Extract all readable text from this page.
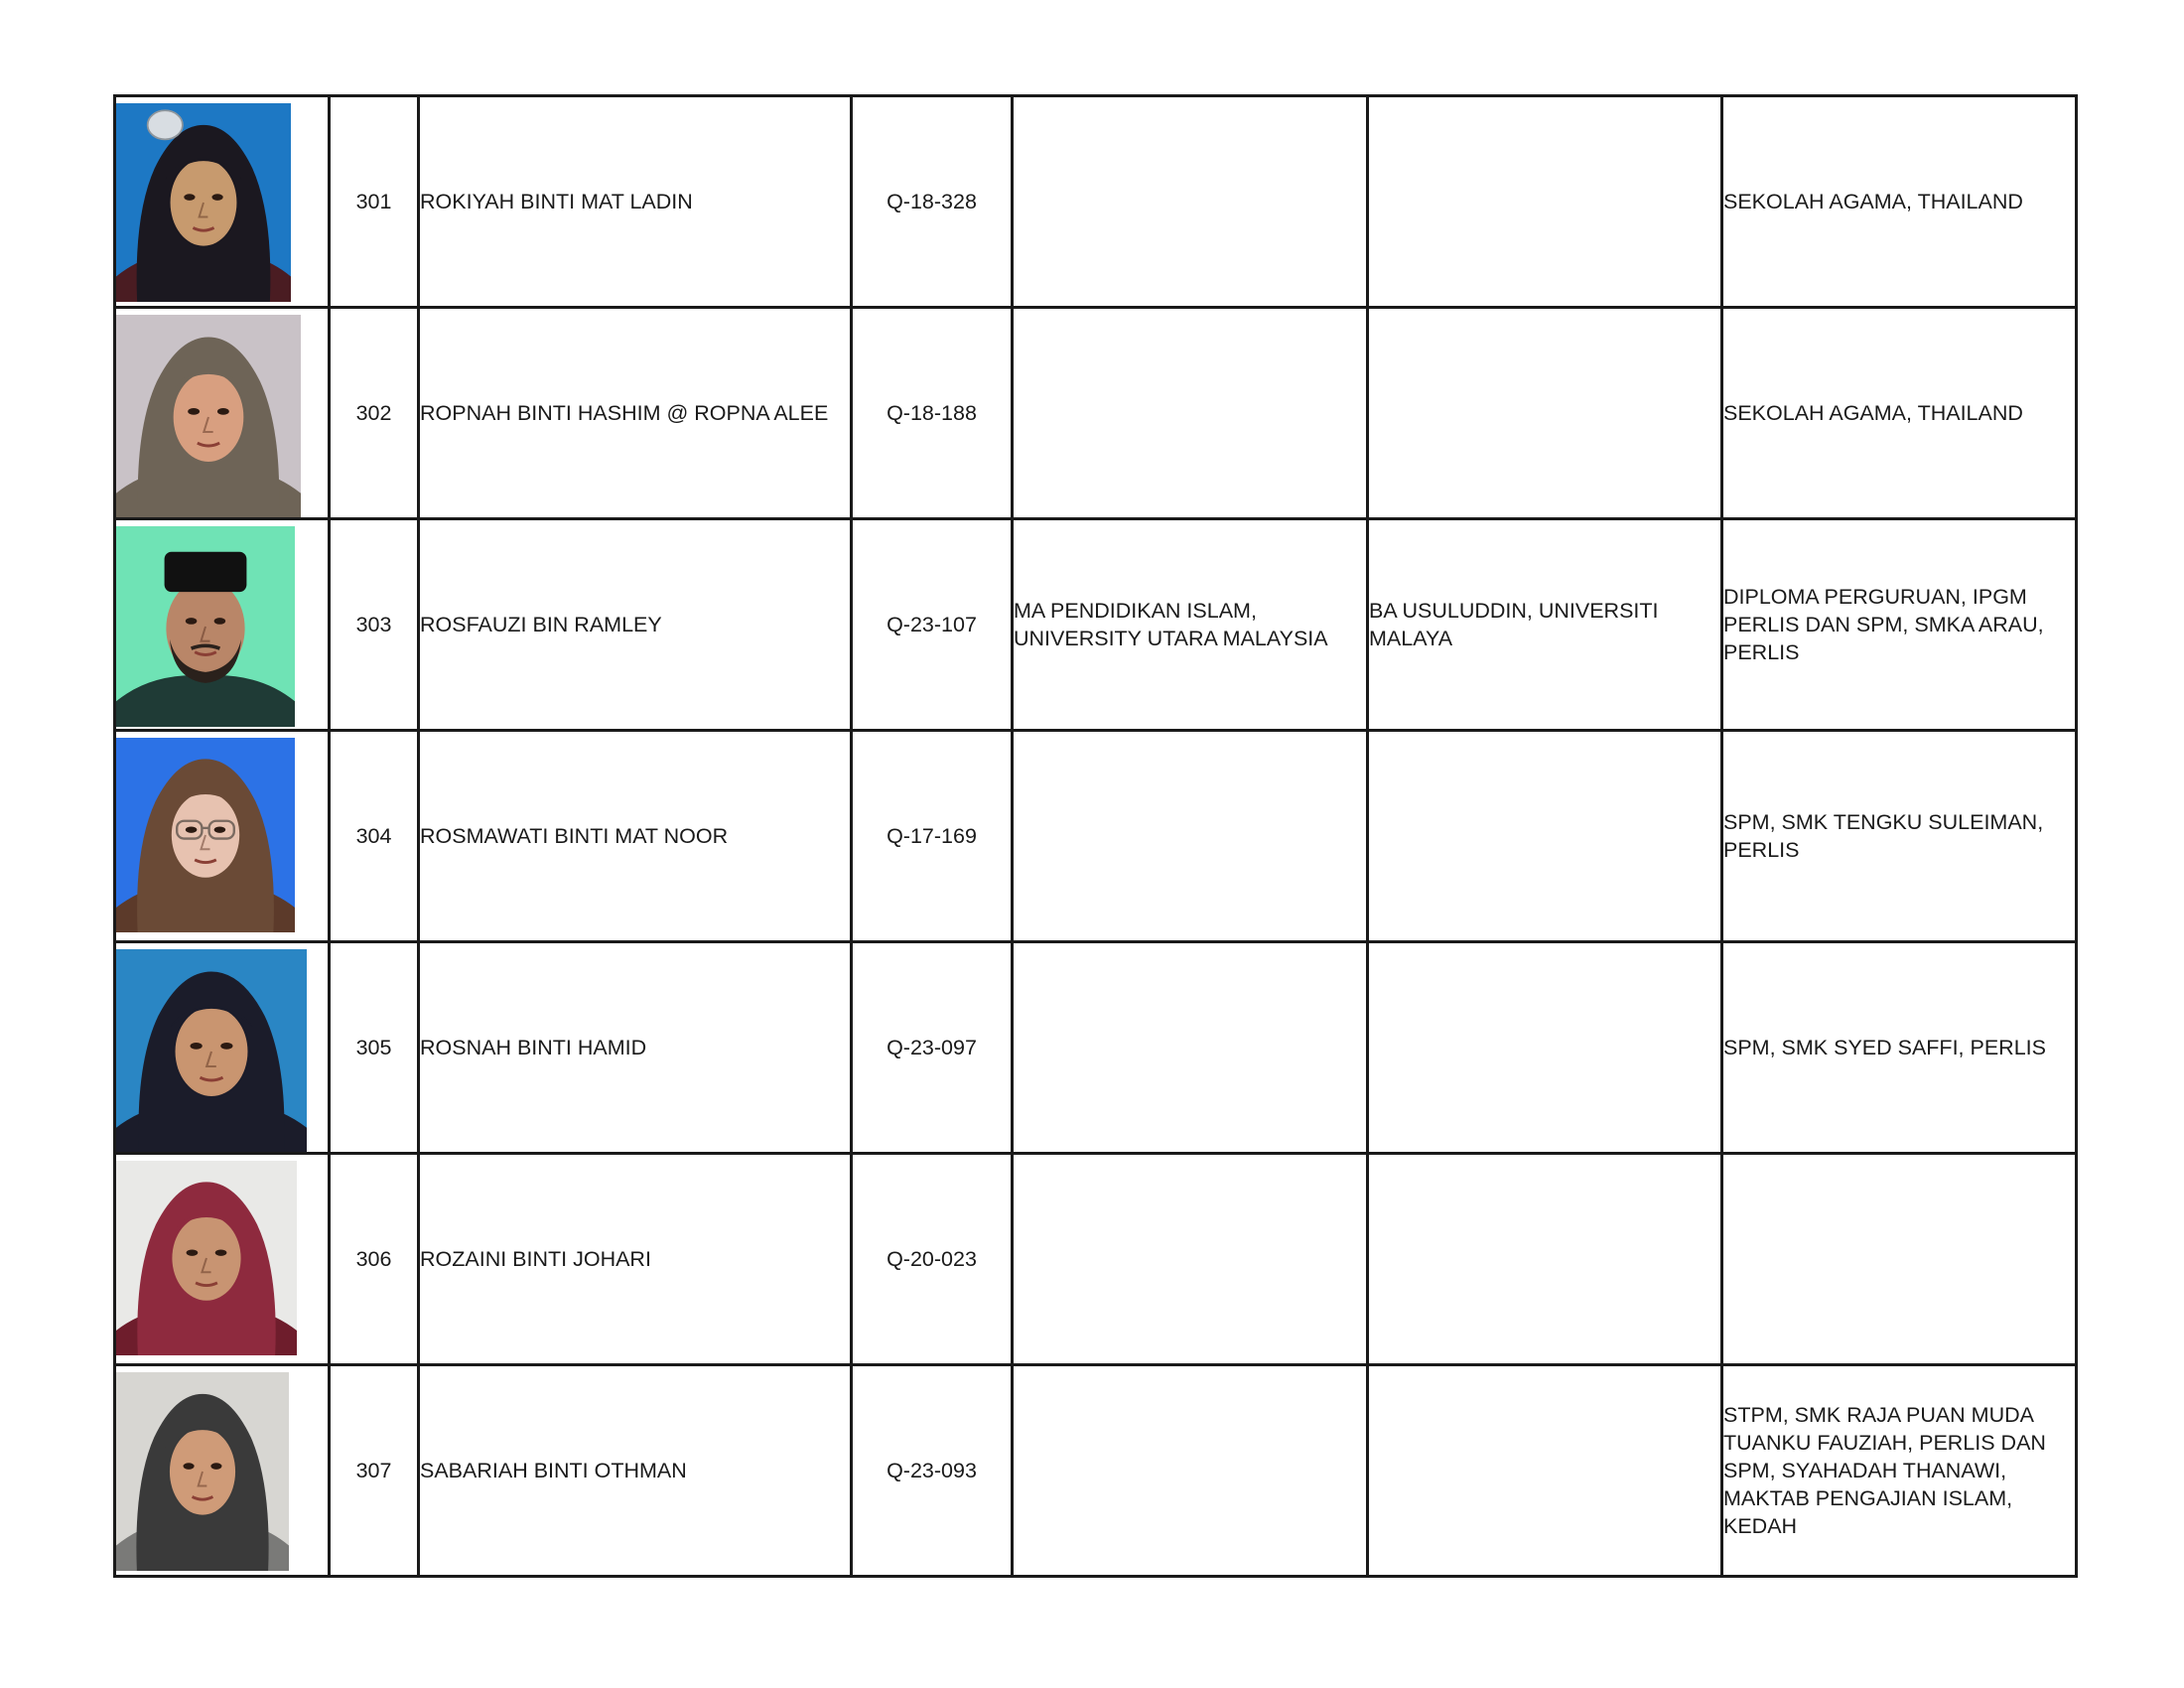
	301	ROKIYAH BINTI MAT LADIN	Q-18-328			SEKOLAH AGAMA, THAILAND

	302	ROPNAH BINTI HASHIM @ ROPNA ALEE	Q-18-188			SEKOLAH AGAMA, THAILAND

	303	ROSFAUZI BIN RAMLEY	Q-23-107	MA PENDIDIKAN ISLAM, UNIVERSITY UTARA MALAYSIA	BA USULUDDIN, UNIVERSITI MALAYA	DIPLOMA PERGURUAN, IPGM PERLIS DAN SPM, SMKA ARAU, PERLIS

	304	ROSMAWATI BINTI MAT NOOR	Q-17-169			SPM, SMK TENGKU SULEIMAN, PERLIS

	305	ROSNAH BINTI HAMID	Q-23-097			SPM, SMK SYED SAFFI, PERLIS

	306	ROZAINI BINTI JOHARI	Q-20-023			

	307	SABARIAH BINTI OTHMAN	Q-23-093			STPM, SMK RAJA PUAN MUDA TUANKU FAUZIAH, PERLIS DAN SPM, SYAHADAH THANAWI, MAKTAB PENGAJIAN ISLAM, KEDAH
